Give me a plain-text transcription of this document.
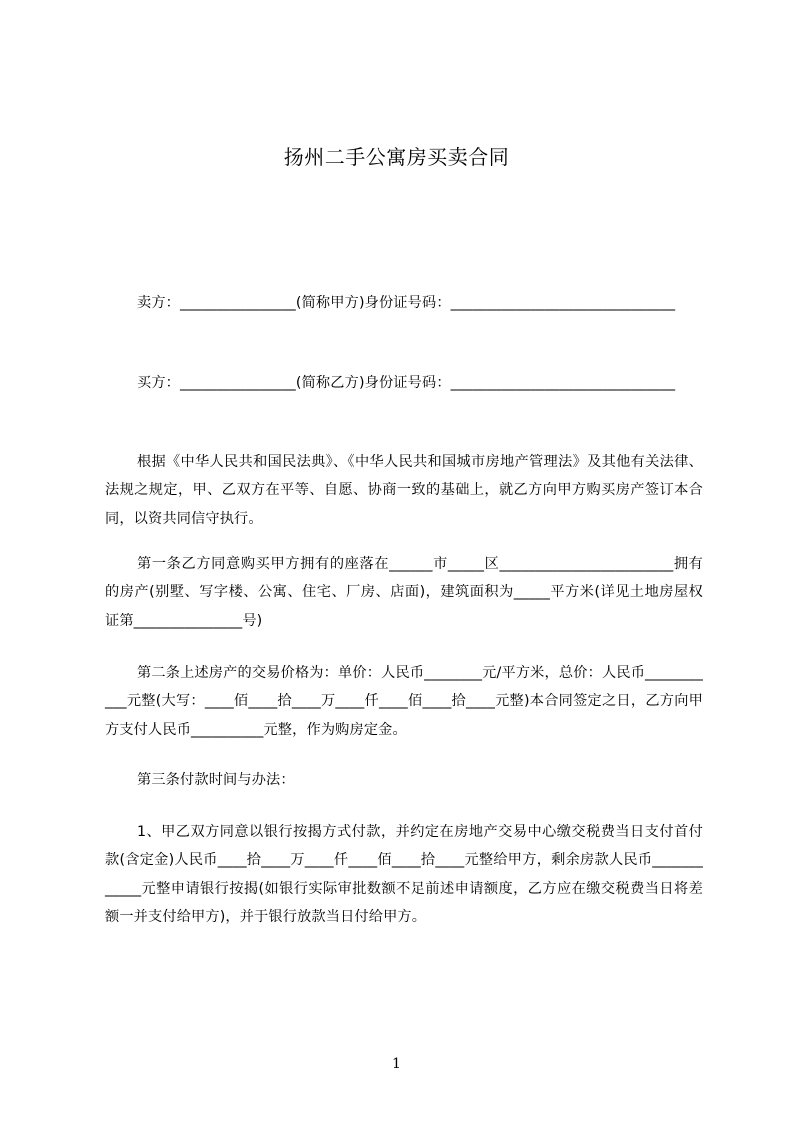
扬州二手公寓房买卖合同
卖方：________________(简称甲方)身份证号码：_______________________________
买方：________________(简称乙方)身份证号码：_______________________________
根据《中华人民共和国民法典》、《中华人民共和国城市房地产管理法》及其他有关法律、法规之规定，甲、乙双方在平等、自愿、协商一致的基础上，就乙方向甲方购买房产签订本合同，以资共同信守执行。
第一条乙方同意购买甲方拥有的座落在______市_____区________________________拥有的房产(别墅、写字楼、公寓、住宅、厂房、店面)，建筑面积为_____平方米(详见土地房屋权证第_______________号)
第二条上述房产的交易价格为：单价：人民币________元/平方米，总价：人民币___________元整(大写：____佰____拾____万____仟____佰____拾____元整)本合同签定之日，乙方向甲方支付人民币__________元整，作为购房定金。
第三条付款时间与办法：
1、甲乙双方同意以银行按揭方式付款，并约定在房地产交易中心缴交税费当日支付首付款(含定金)人民币____拾____万____仟____佰____拾____元整给甲方，剩余房款人民币____________元整申请银行按揭(如银行实际审批数额不足前述申请额度，乙方应在缴交税费当日将差额一并支付给甲方)，并于银行放款当日付给甲方。
1
